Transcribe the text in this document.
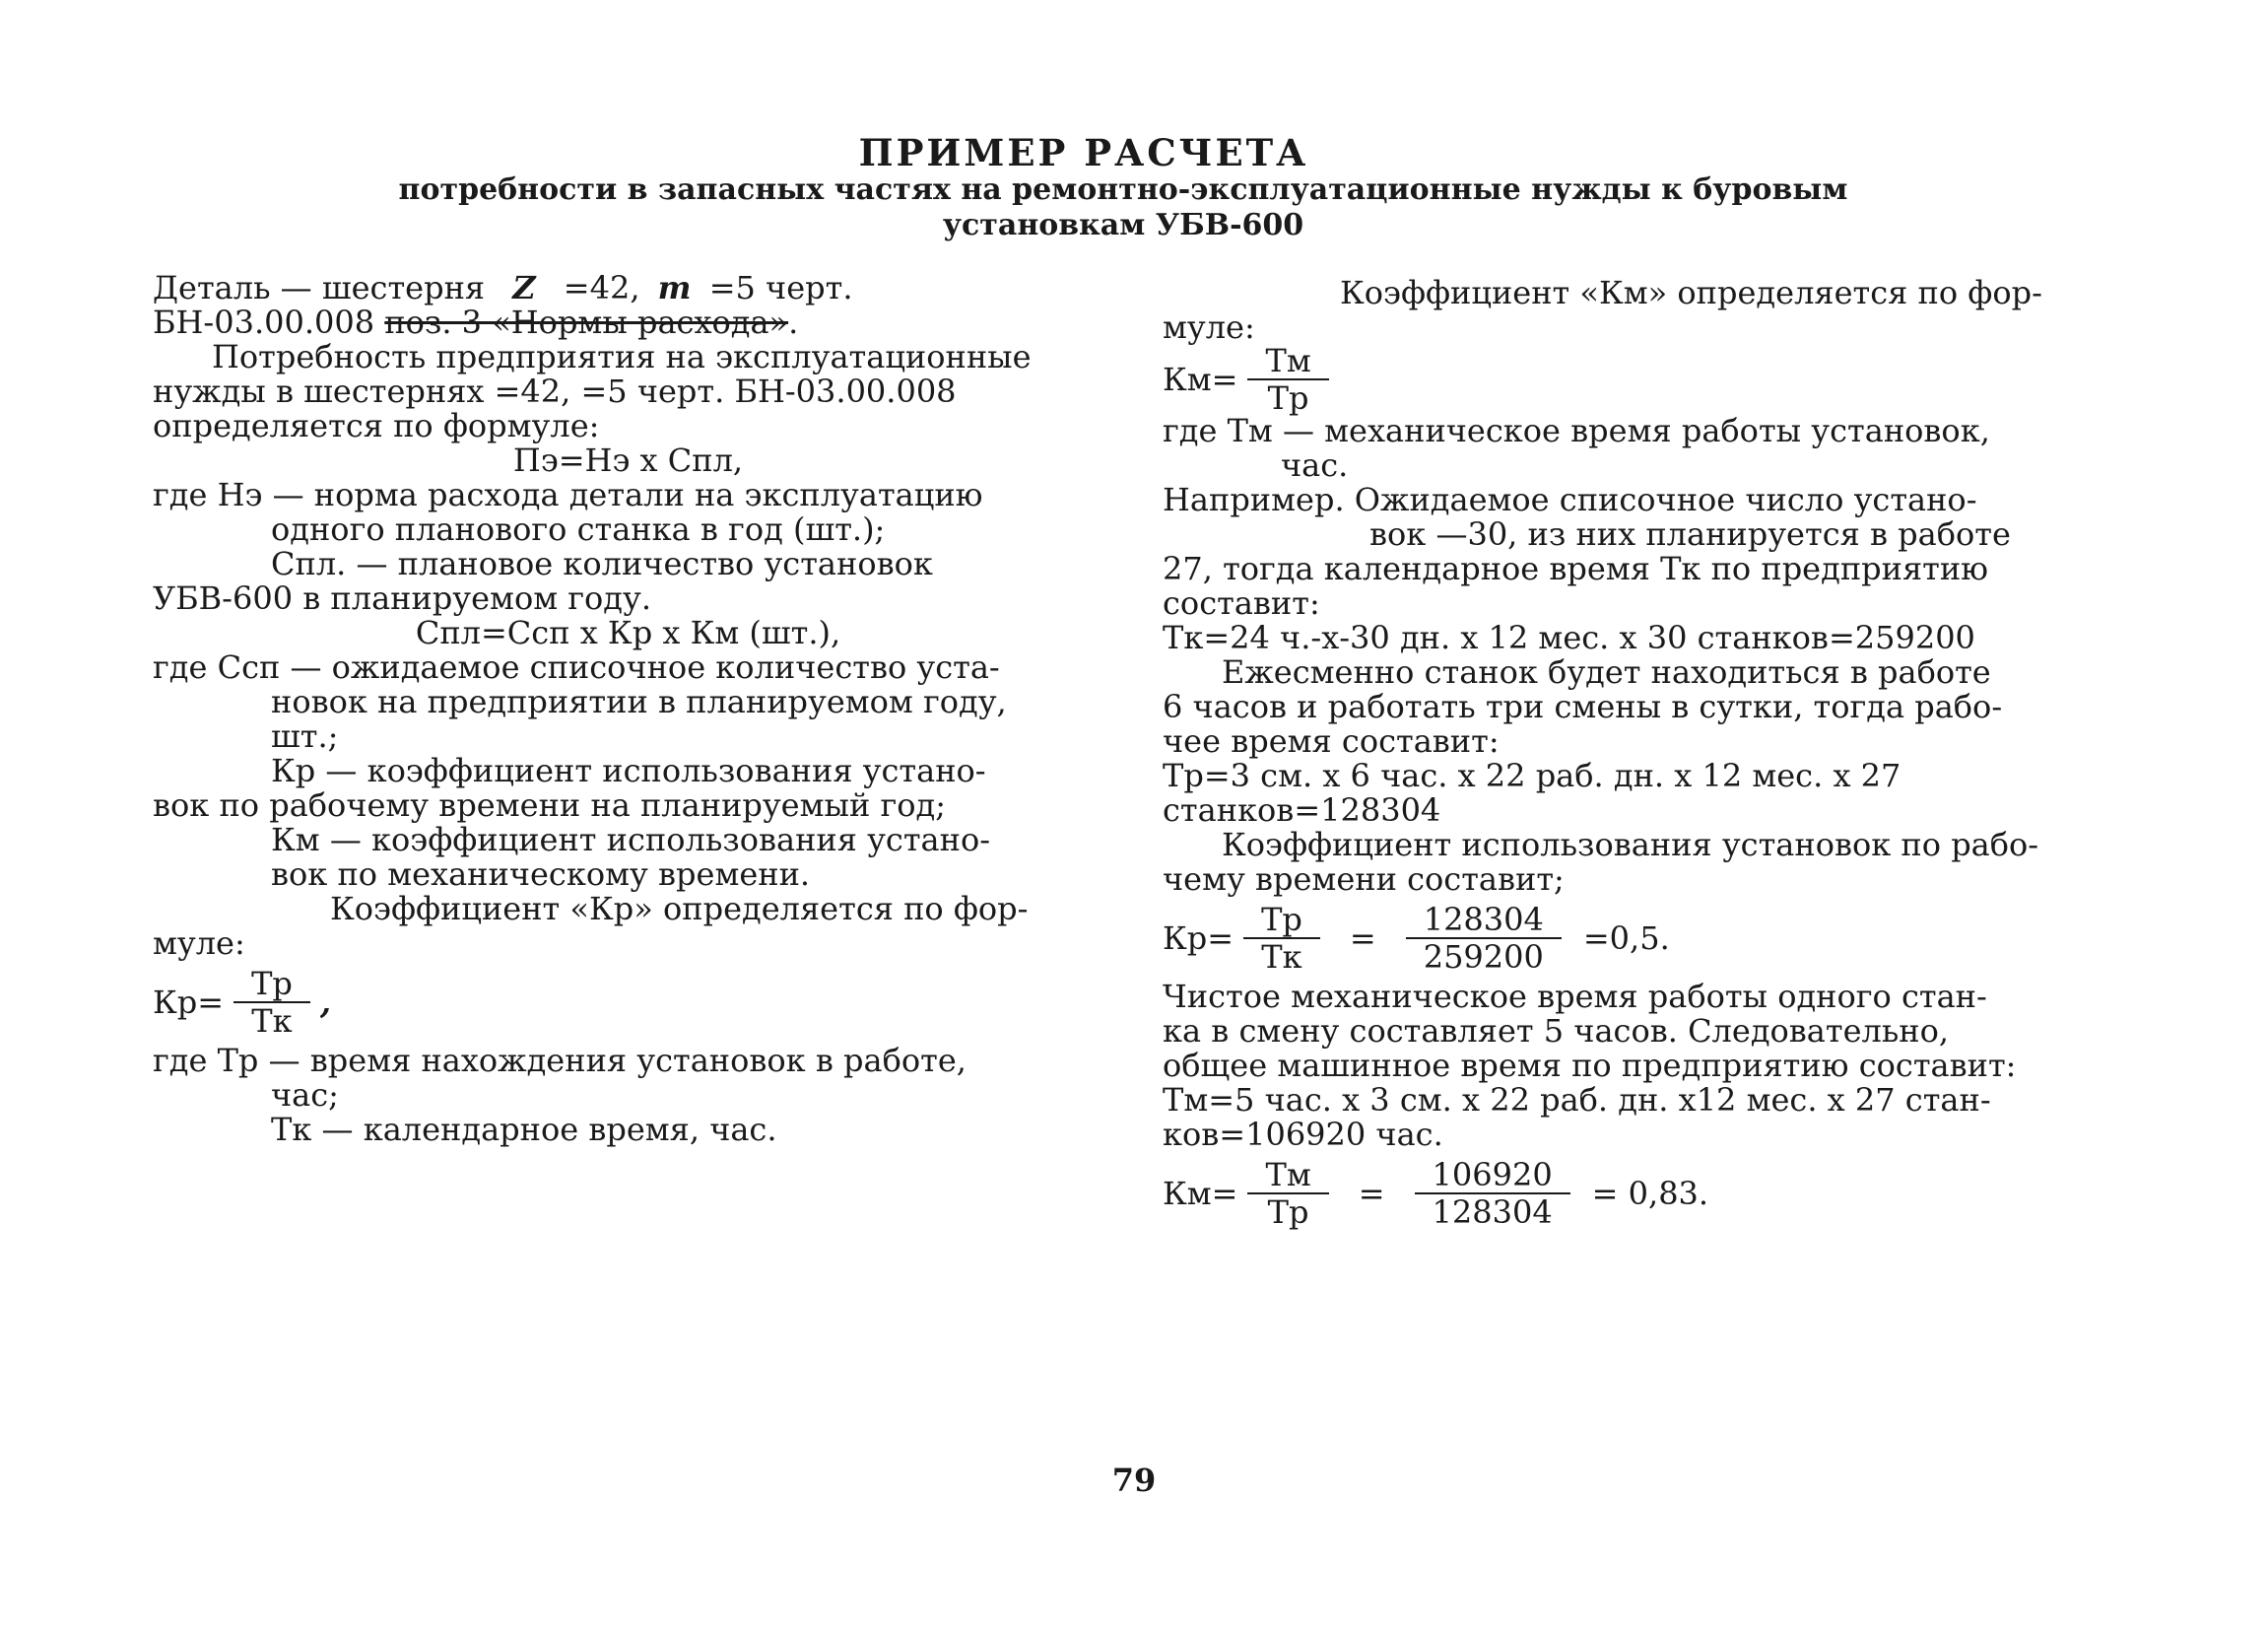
ПРИМЕР РАСЧЕТА
потребности в запасных частях на ремонтно-эксплуатационные нужды к буровым
установкам УБВ-600
Деталь — шестерня Z =42, m =5 черт.
БН-03.00.008 поз. 3 «Нормы расхода».
Потребность предприятия на эксплуатационные
нужды в шестернях =42, =5 черт. БН-03.00.008
определяется по формуле:
Пэ=Нэ х Спл,
где Нэ — норма расхода детали на эксплуатацию
одного планового станка в год (шт.);
Спл. — плановое количество установок
УБВ-600 в планируемом году.
Спл=Ссп х Кр х Км (шт.),
где Ссп — ожидаемое списочное количество уста-
новок на предприятии в планируемом году,
шт.;
Кр — коэффициент использования устано-
вок по рабочему времени на планируемый год;
Км — коэффициент использования устано-
вок по механическому времени.
Коэффициент «Кр» определяется по фор-
муле:
$Кр= \frac{Тр}{Тк}$ ,
где Тр — время нахождения установок в работе,
час;
Тк — календарное время, час.
Коэффициент «Км» определяется по фор-
муле:
$Км= \frac{Тм}{Тр}$
где Тм — механическое время работы установок,
час.
Например. Ожидаемое списочное число устано-
вок —30, из них планируется в работе
27, тогда календарное время Тк по предприятию
составит:
Тк=24 ч.-х-30 дн. х 12 мес. х 30 станков=259200
Ежесменно станок будет находиться в работе
6 часов и работать три смены в сутки, тогда рабо-
чее время составит:
Тр=3 см. х 6 час. х 22 раб. дн. х 12 мес. х 27
станков=128304
Коэффициент использования установок по рабо-
чему времени составит;
$Кр= \frac{Тр}{Тк} = \frac{128304}{259200} =0,5$.
Чистое механическое время работы одного стан-
ка в смену составляет 5 часов. Следовательно,
общее машинное время по предприятию составит:
Тм=5 час. х 3 см. х 22 раб. дн. х12 мес. х 27 стан-
ков=106920 час.
$Км= \frac{Тм}{Тр} = \frac{106920}{128304} = 0,83$.
79
